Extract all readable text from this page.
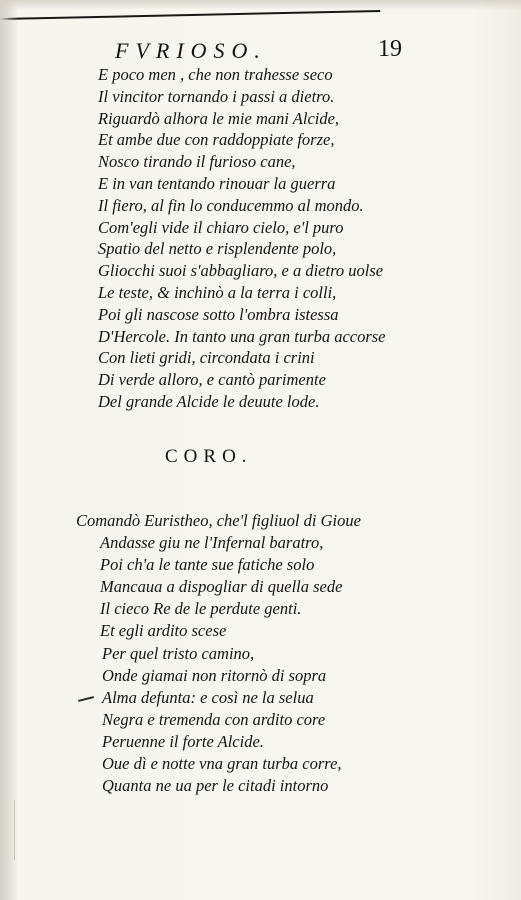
FVRIOSO.	19
E poco men , che non trahesse seco
Il vincitor tornando i passi a dietro.
Riguardò alhora le mie mani Alcide,
Et ambe due con raddoppiate forze,
Nosco tirando il furioso cane,
E in van tentando rinouar la guerra
Il fiero, al fin lo conducemmo al mondo.
Com'egli vide il chiaro cielo, e'l puro
Spatio del netto e risplendente polo,
Gliocchi suoi s'abbagliaro, e a dietro uolse
Le teste, & inchinò a la terra i colli,
Poi gli nascose sotto l'ombra istessa
D'Hercole. In tanto una gran turba accorse
Con lieti gridi, circondata i crini
Di verde alloro, e cantò parimente
Del grande Alcide le deuute lode.
CORO.
Comandò Euristheo, che'l figliuol di Gioue
Andasse giu ne l'Infernal baratro,
Poi ch'a le tante sue fatiche solo
Mancaua a dispogliar di quella sede
Il cieco Re de le perdute genti.
Et egli ardito scese
Per quel tristo camino,
Onde giamai non ritornò di sopra
Alma defunta: e così ne la selua
Negra e tremenda con ardito core
Peruenne il forte Alcide.
Oue dì e notte vna gran turba corre,
Quanta ne ua per le citadi intorno
